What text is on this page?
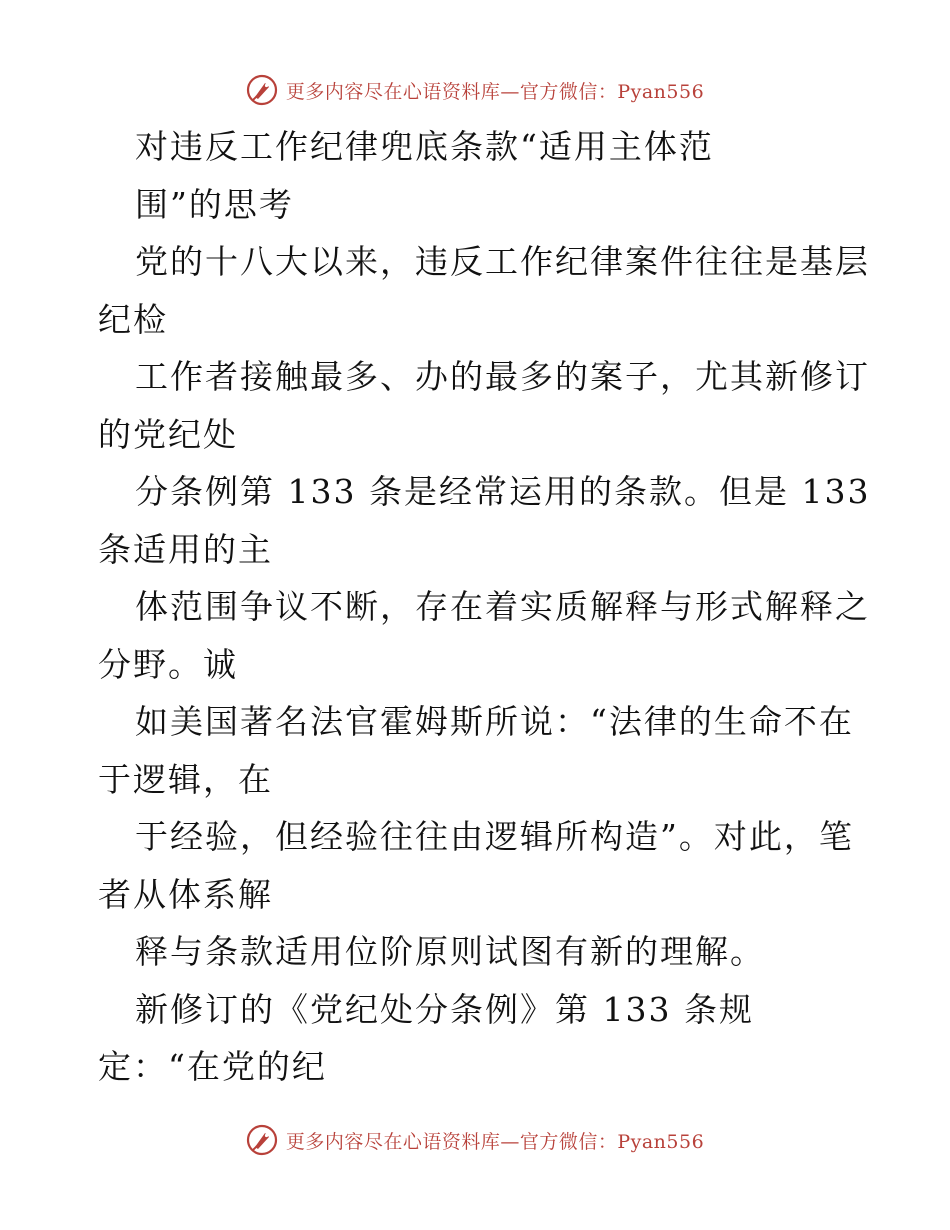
更多内容尽在心语资料库—官方微信：Pyan556
对违反工作纪律兜底条款“适用主体范
围”的思考
党的十八大以来，违反工作纪律案件往往是基层
纪检
工作者接触最多、办的最多的案子，尤其新修订
的党纪处
分条例第 133 条是经常运用的条款。但是 133
条适用的主
体范围争议不断，存在着实质解释与形式解释之
分野。诚
如美国著名法官霍姆斯所说：“法律的生命不在
于逻辑，在
于经验，但经验往往由逻辑所构造”。对此，笔
者从体系解
释与条款适用位阶原则试图有新的理解。
新修订的《党纪处分条例》第 133 条规
定：“在党的纪
更多内容尽在心语资料库—官方微信：Pyan556
